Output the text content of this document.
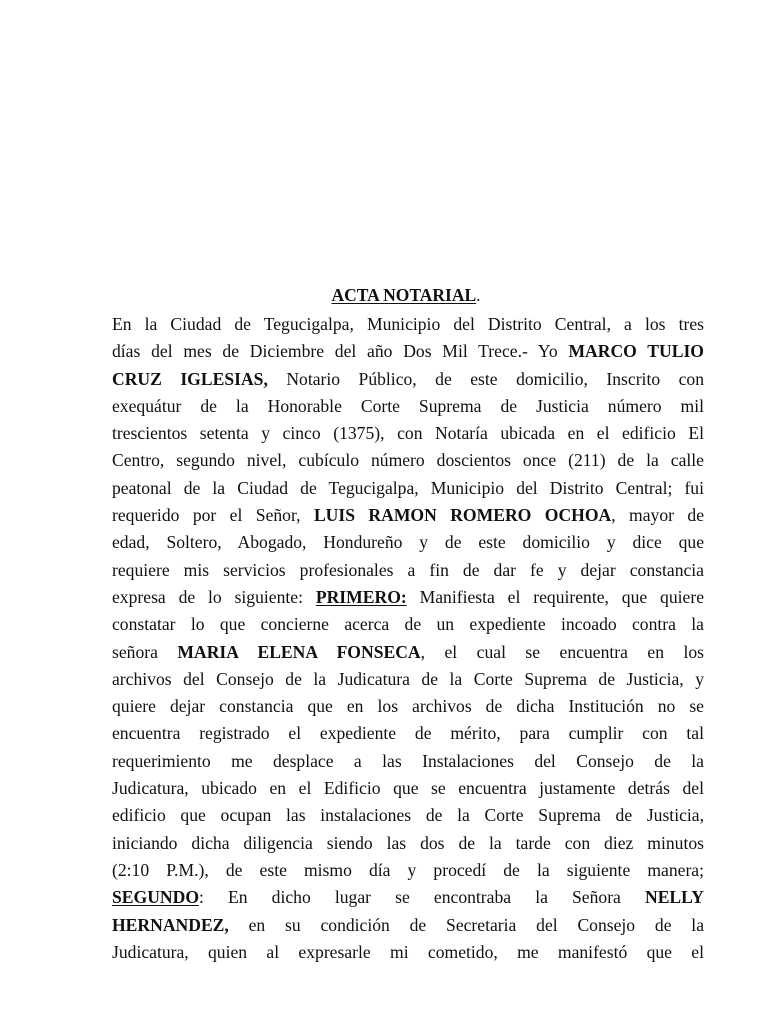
ACTA NOTARIAL.
En la Ciudad de Tegucigalpa, Municipio del Distrito Central, a los tres
días del mes de Diciembre del año Dos Mil Trece.- Yo MARCO TULIO
CRUZ IGLESIAS, Notario Público, de este domicilio, Inscrito con
exequátur de la Honorable Corte Suprema de Justicia número mil
trescientos setenta y cinco (1375), con Notaría ubicada en el edificio El
Centro, segundo nivel, cubículo número doscientos once (211) de la calle
peatonal de la Ciudad de Tegucigalpa, Municipio del Distrito Central; fui
requerido por el Señor, LUIS RAMON ROMERO OCHOA, mayor de
edad, Soltero, Abogado, Hondureño y de este domicilio y dice que
requiere mis servicios profesionales a fin de dar fe y dejar constancia
expresa de lo siguiente: PRIMERO: Manifiesta el requirente, que quiere
constatar lo que concierne acerca de un expediente incoado contra la
señora MARIA ELENA FONSECA, el cual se encuentra en los
archivos del Consejo de la Judicatura de la Corte Suprema de Justicia, y
quiere dejar constancia que en los archivos de dicha Institución no se
encuentra registrado el expediente de mérito, para cumplir con tal
requerimiento me desplace a las Instalaciones del Consejo de la
Judicatura, ubicado en el Edificio que se encuentra justamente detrás del
edificio que ocupan las instalaciones de la Corte Suprema de Justicia,
iniciando dicha diligencia siendo las dos de la tarde con diez minutos
(2:10 P.M.), de este mismo día y procedí de la siguiente manera;
SEGUNDO: En dicho lugar se encontraba la Señora NELLY
HERNANDEZ, en su condición de Secretaria del Consejo de la
Judicatura, quien al expresarle mi cometido, me manifestó que el
